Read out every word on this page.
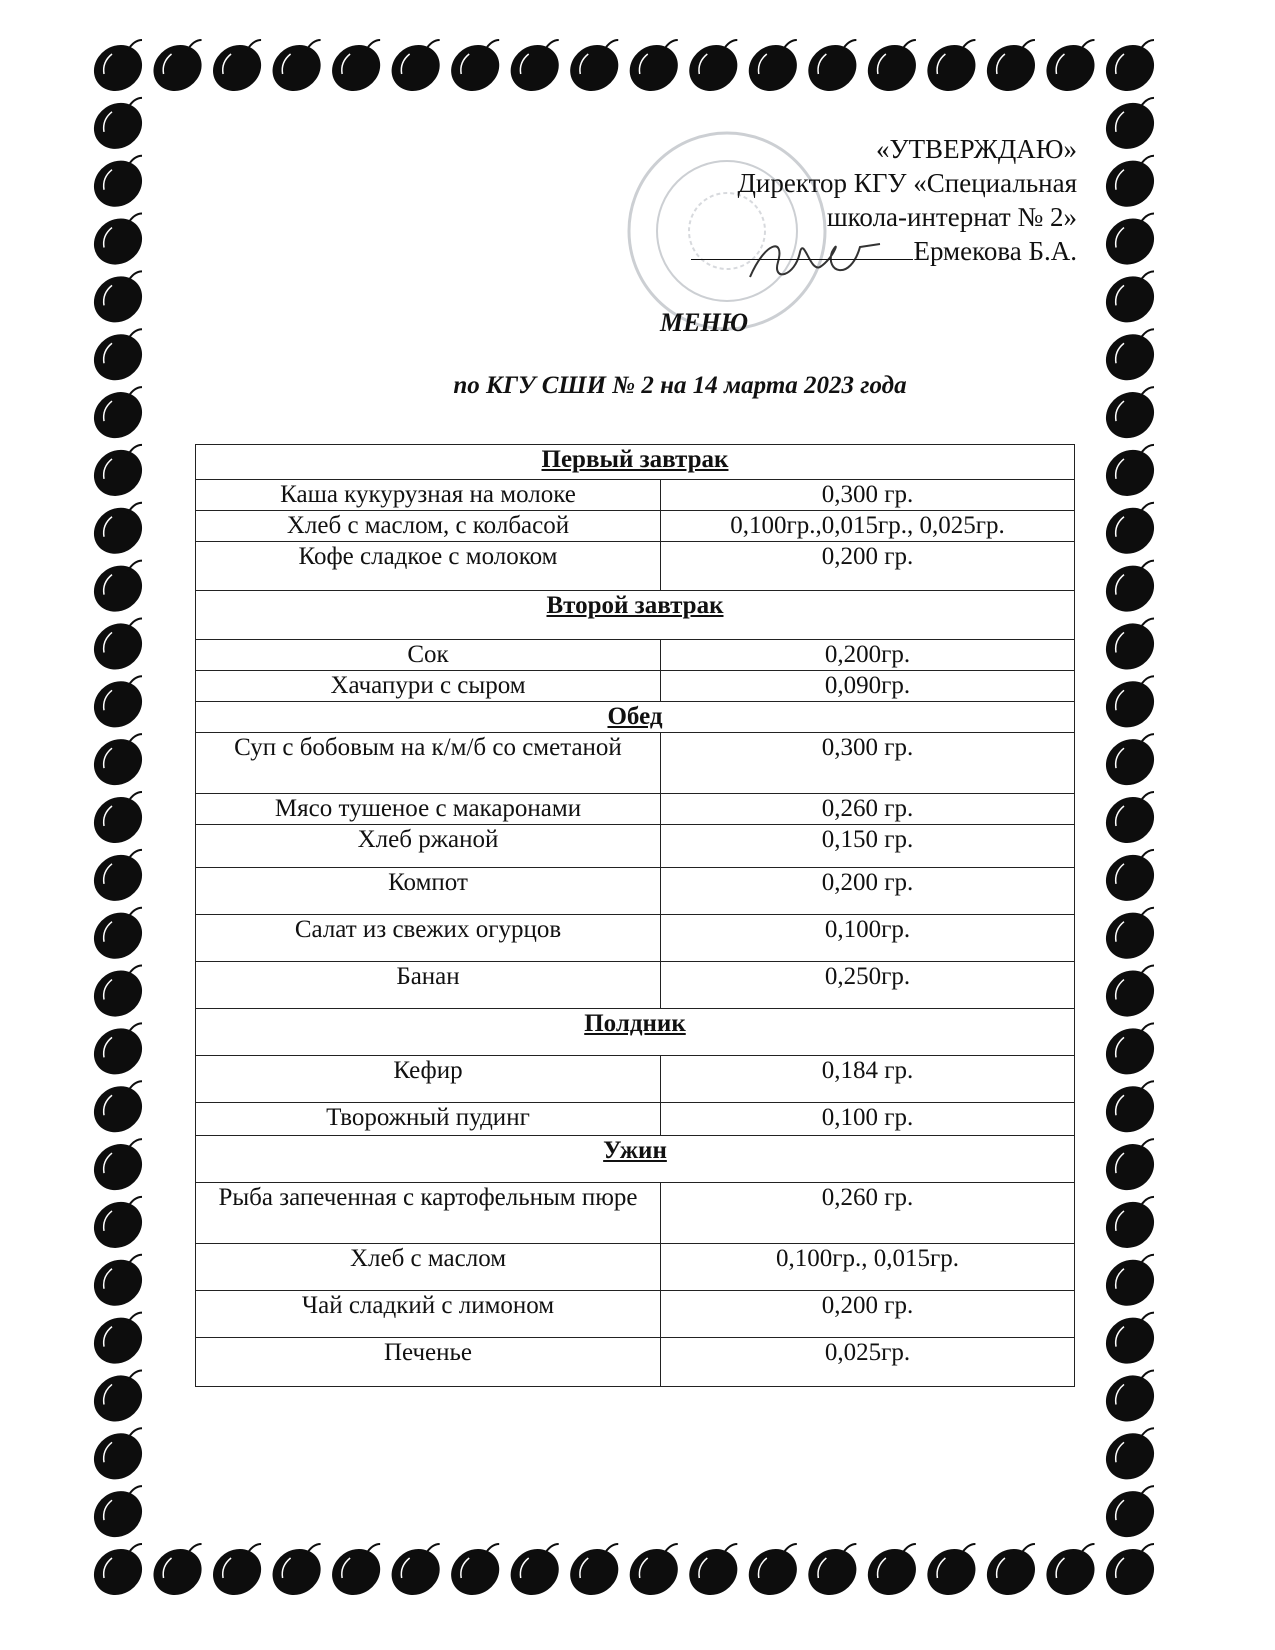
«УТВЕРЖДАЮ»
Директор КГУ «Специальная
школа-интернат № 2»
Ермекова Б.А.
МЕНЮ
по КГУ СШИ № 2 на 14 марта 2023 года
Первый завтрак	
Каша кукурузная на молоке	0,300 гр.
Хлеб с маслом, с колбасой	0,100гр.,0,015гр., 0,025гр.
Кофе сладкое с молоком	0,200 гр.
Второй завтрак	
Сок	0,200гр.
Хачапури с сыром	0,090гр.
Обед	
Суп с бобовым на к/м/б со сметаной	0,300 гр.
Мясо тушеное с макаронами	0,260 гр.
Хлеб ржаной	0,150 гр.
Компот	0,200 гр.
Салат из свежих огурцов	0,100гр.
Банан	0,250гр.
Полдник	
Кефир	0,184 гр.
Творожный пудинг	0,100 гр.
Ужин	
Рыба запеченная с картофельным пюре	0,260 гр.
Хлеб с маслом	0,100гр., 0,015гр.
Чай сладкий с лимоном	0,200 гр.
Печенье	0,025гр.
